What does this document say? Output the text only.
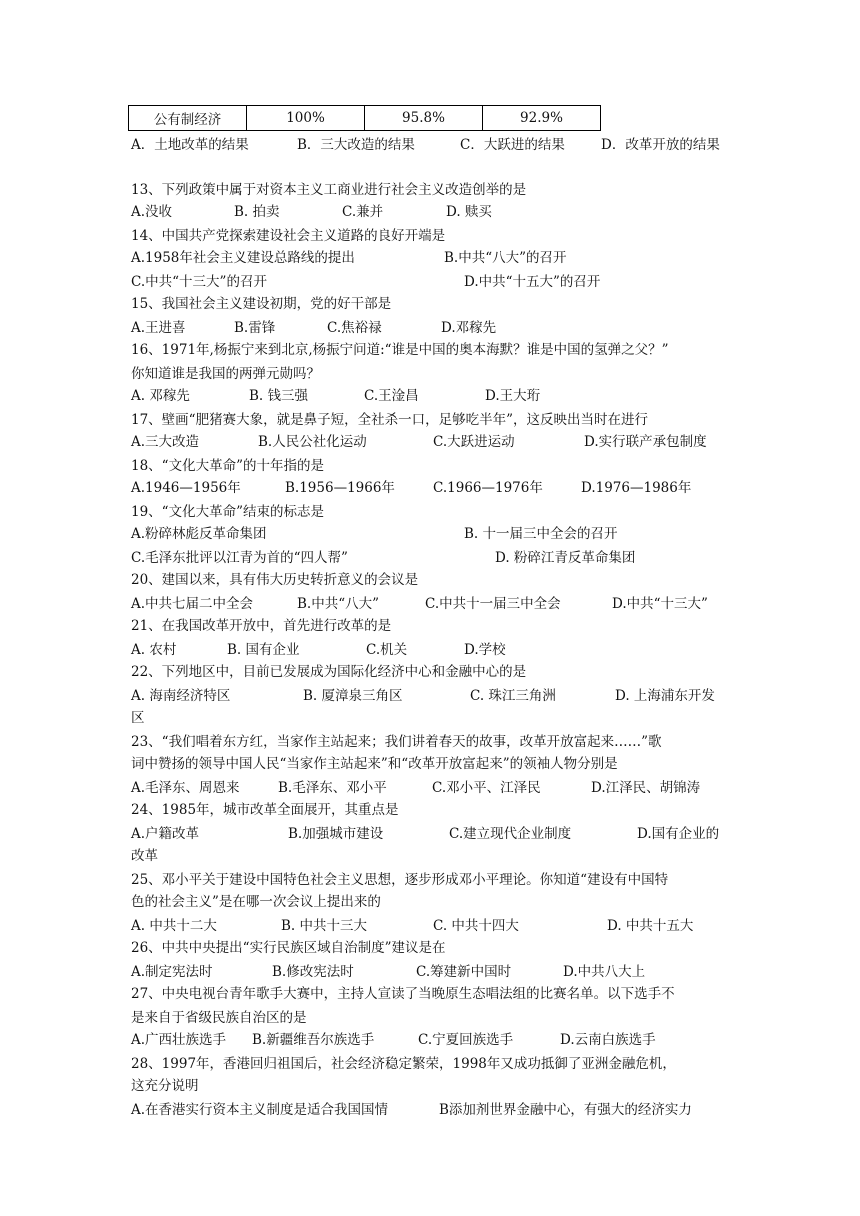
公有制经济	100%	95.8%	92.9%
A．土地改革的结果	B．三大改造的结果	C．大跃进的结果	D．改革开放的结果
13、下列政策中属于对资本主义工商业进行社会主义改造创举的是
A.没收	B. 拍卖	C.兼并	D. 赎买
14、中国共产党探索建设社会主义道路的良好开端是
A.1958年社会主义建设总路线的提出	B.中共“八大”的召开
C.中共“十三大”的召开	D.中共“十五大”的召开
15、我国社会主义建设初期，党的好干部是
A.王进喜	B.雷锋	C.焦裕禄	D.邓稼先
16、1971年,杨振宁来到北京,杨振宁问道:“谁是中国的奥本海默？谁是中国的氢弹之父？”
你知道谁是我国的两弹元勋吗？
A. 邓稼先	B. 钱三强	C.王淦昌	D.王大珩
17、壁画“肥猪赛大象，就是鼻子短，全社杀一口，足够吃半年”，这反映出当时在进行
A.三大改造	B.人民公社化运动	C.大跃进运动	D.实行联产承包制度
18、“文化大革命”的十年指的是
A.1946—1956年	B.1956—1966年	C.1966—1976年	D.1976—1986年
19、“文化大革命”结束的标志是
A.粉碎林彪反革命集团	B. 十一届三中全会的召开
C.毛泽东批评以江青为首的“四人帮”	D. 粉碎江青反革命集团
20、建国以来，具有伟大历史转折意义的会议是
A.中共七届二中全会	B.中共“八大”	C.中共十一届三中全会	D.中共“十三大”
21、在我国改革开放中，首先进行改革的是
A. 农村	B. 国有企业	C.机关	D.学校
22、下列地区中，目前已发展成为国际化经济中心和金融中心的是
A. 海南经济特区	B. 厦漳泉三角区	C. 珠江三角洲	D. 上海浦东开发
区
23、“我们唱着东方红，当家作主站起来；我们讲着春天的故事，改革开放富起来……”歌
词中赞扬的领导中国人民“当家作主站起来”和“改革开放富起来”的领袖人物分别是
A.毛泽东、周恩来	B.毛泽东、邓小平	C.邓小平、江泽民	D.江泽民、胡锦涛
24、1985年，城市改革全面展开，其重点是
A.户籍改革	B.加强城市建设	C.建立现代企业制度	D.国有企业的
改革
25、邓小平关于建设中国特色社会主义思想，逐步形成邓小平理论。你知道“建设有中国特
色的社会主义”是在哪一次会议上提出来的
A. 中共十二大	B. 中共十三大	C. 中共十四大	D. 中共十五大
26、中共中央提出“实行民族区域自治制度”建议是在
A.制定宪法时	B.修改宪法时	C.筹建新中国时	D.中共八大上
27、中央电视台青年歌手大赛中，主持人宣读了当晚原生态唱法组的比赛名单。以下选手不
是来自于省级民族自治区的是
A.广西壮族选手 B.新疆维吾尔族选手	C.宁夏回族选手	D.云南白族选手
28、1997年，香港回归祖国后，社会经济稳定繁荣，1998年又成功抵御了亚洲金融危机，
这充分说明
A.在香港实行资本主义制度是适合我国国情	B添加剂世界金融中心，有强大的经济实力
